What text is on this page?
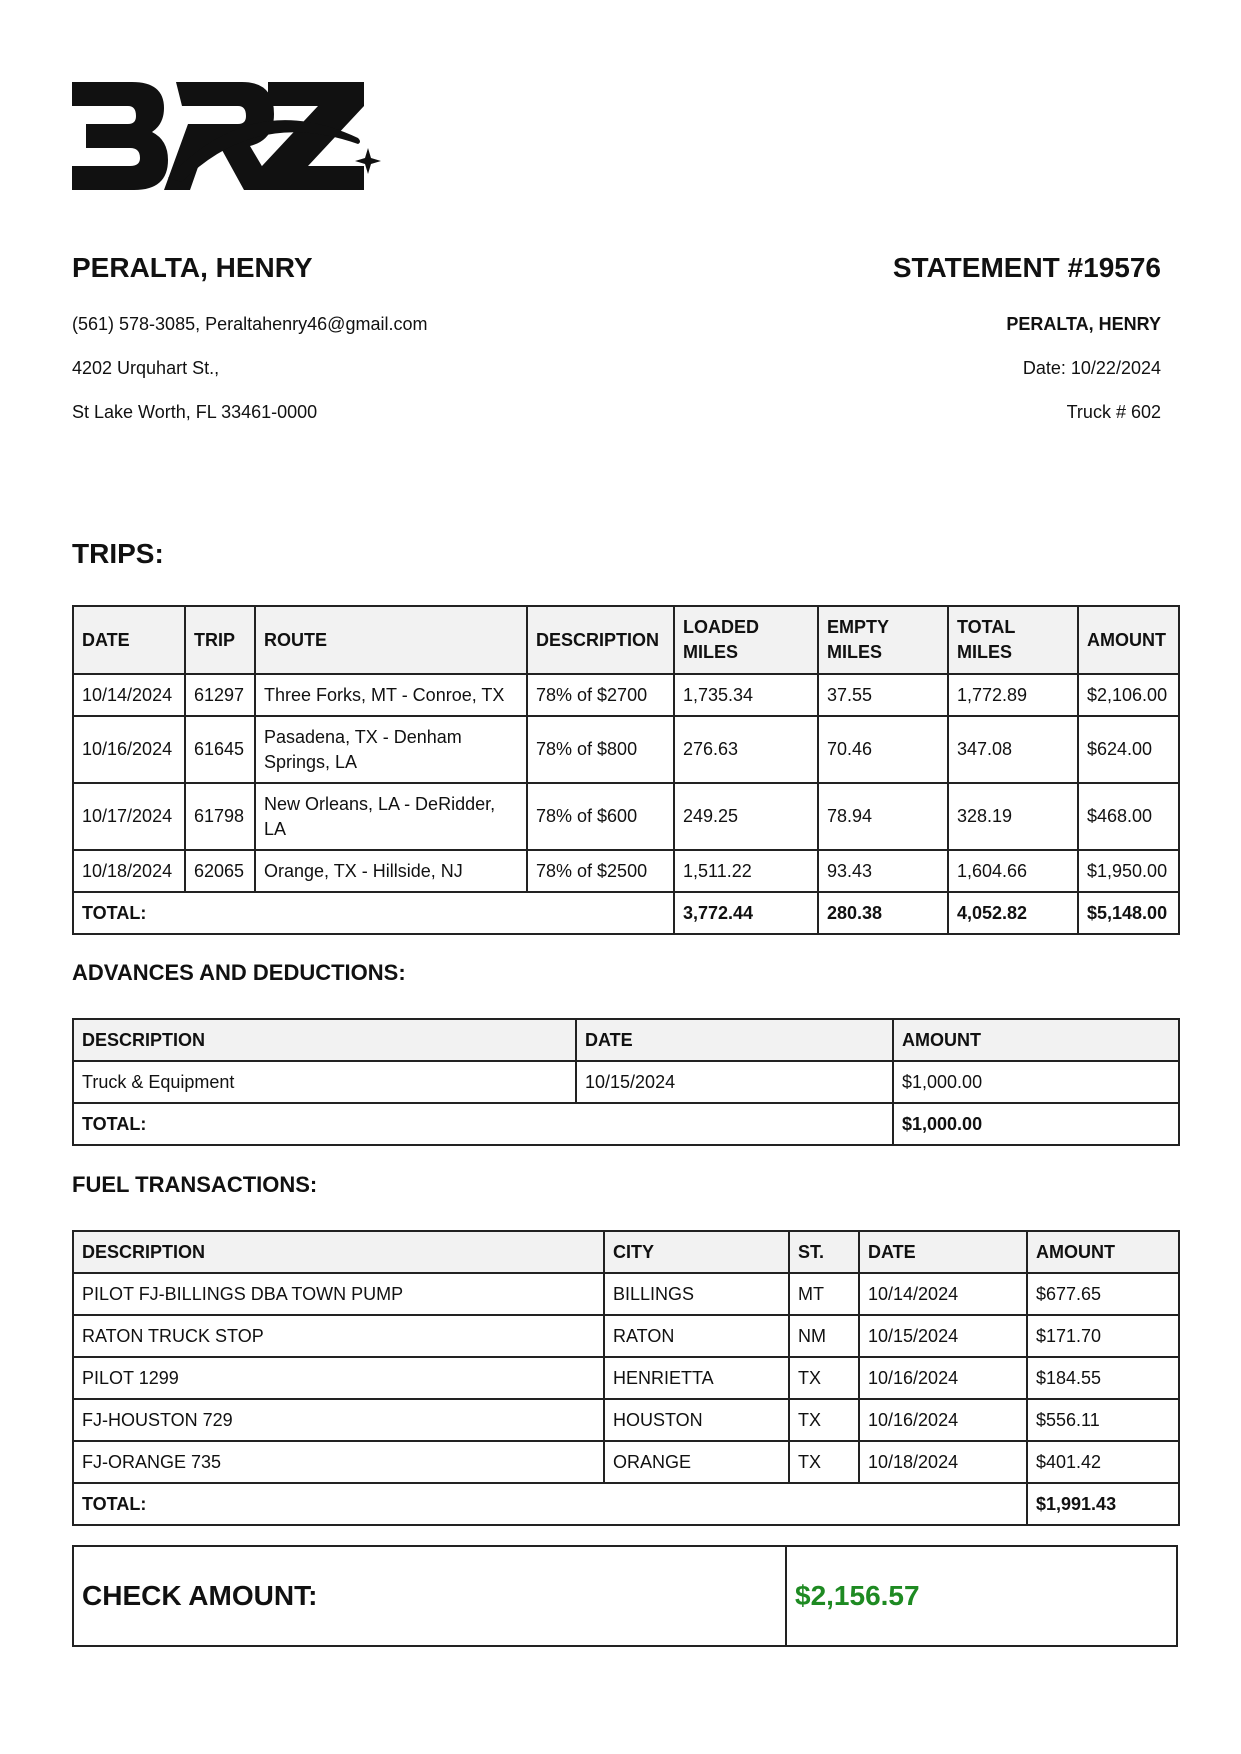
PERALTA, HENRY

(561) 578-3085, Peraltahenry46@gmail.com

4202 Urquhart St.,

St Lake Worth, FL 33461-0000

STATEMENT #19576

PERALTA, HENRY

Date: 10/22/2024

Truck # 602

TRIPS:
DATE	TRIP	ROUTE	DESCRIPTION	LOADED MILES	EMPTY MILES	TOTAL MILES	AMOUNT
10/14/2024	61297	Three Forks, MT - Conroe, TX	78% of $2700	1,735.34	37.55	1,772.89	$2,106.00
10/16/2024	61645	Pasadena, TX - Denham Springs, LA	78% of $800	276.63	70.46	347.08	$624.00
10/17/2024	61798	New Orleans, LA - DeRidder, LA	78% of $600	249.25	78.94	328.19	$468.00
10/18/2024	62065	Orange, TX - Hillside, NJ	78% of $2500	1,511.22	93.43	1,604.66	$1,950.00
TOTAL:				3,772.44	280.38	4,052.82	$5,148.00
ADVANCES AND DEDUCTIONS:
DESCRIPTION	DATE	AMOUNT
Truck & Equipment	10/15/2024	$1,000.00
TOTAL:		$1,000.00
FUEL TRANSACTIONS:
DESCRIPTION	CITY	ST.	DATE	AMOUNT
PILOT FJ-BILLINGS DBA TOWN PUMP	BILLINGS	MT	10/14/2024	$677.65
RATON TRUCK STOP	RATON	NM	10/15/2024	$171.70
PILOT 1299	HENRIETTA	TX	10/16/2024	$184.55
FJ-HOUSTON 729	HOUSTON	TX	10/16/2024	$556.11
FJ-ORANGE 735	ORANGE	TX	10/18/2024	$401.42
TOTAL:				$1,991.43
CHECK AMOUNT:	$2,156.57
